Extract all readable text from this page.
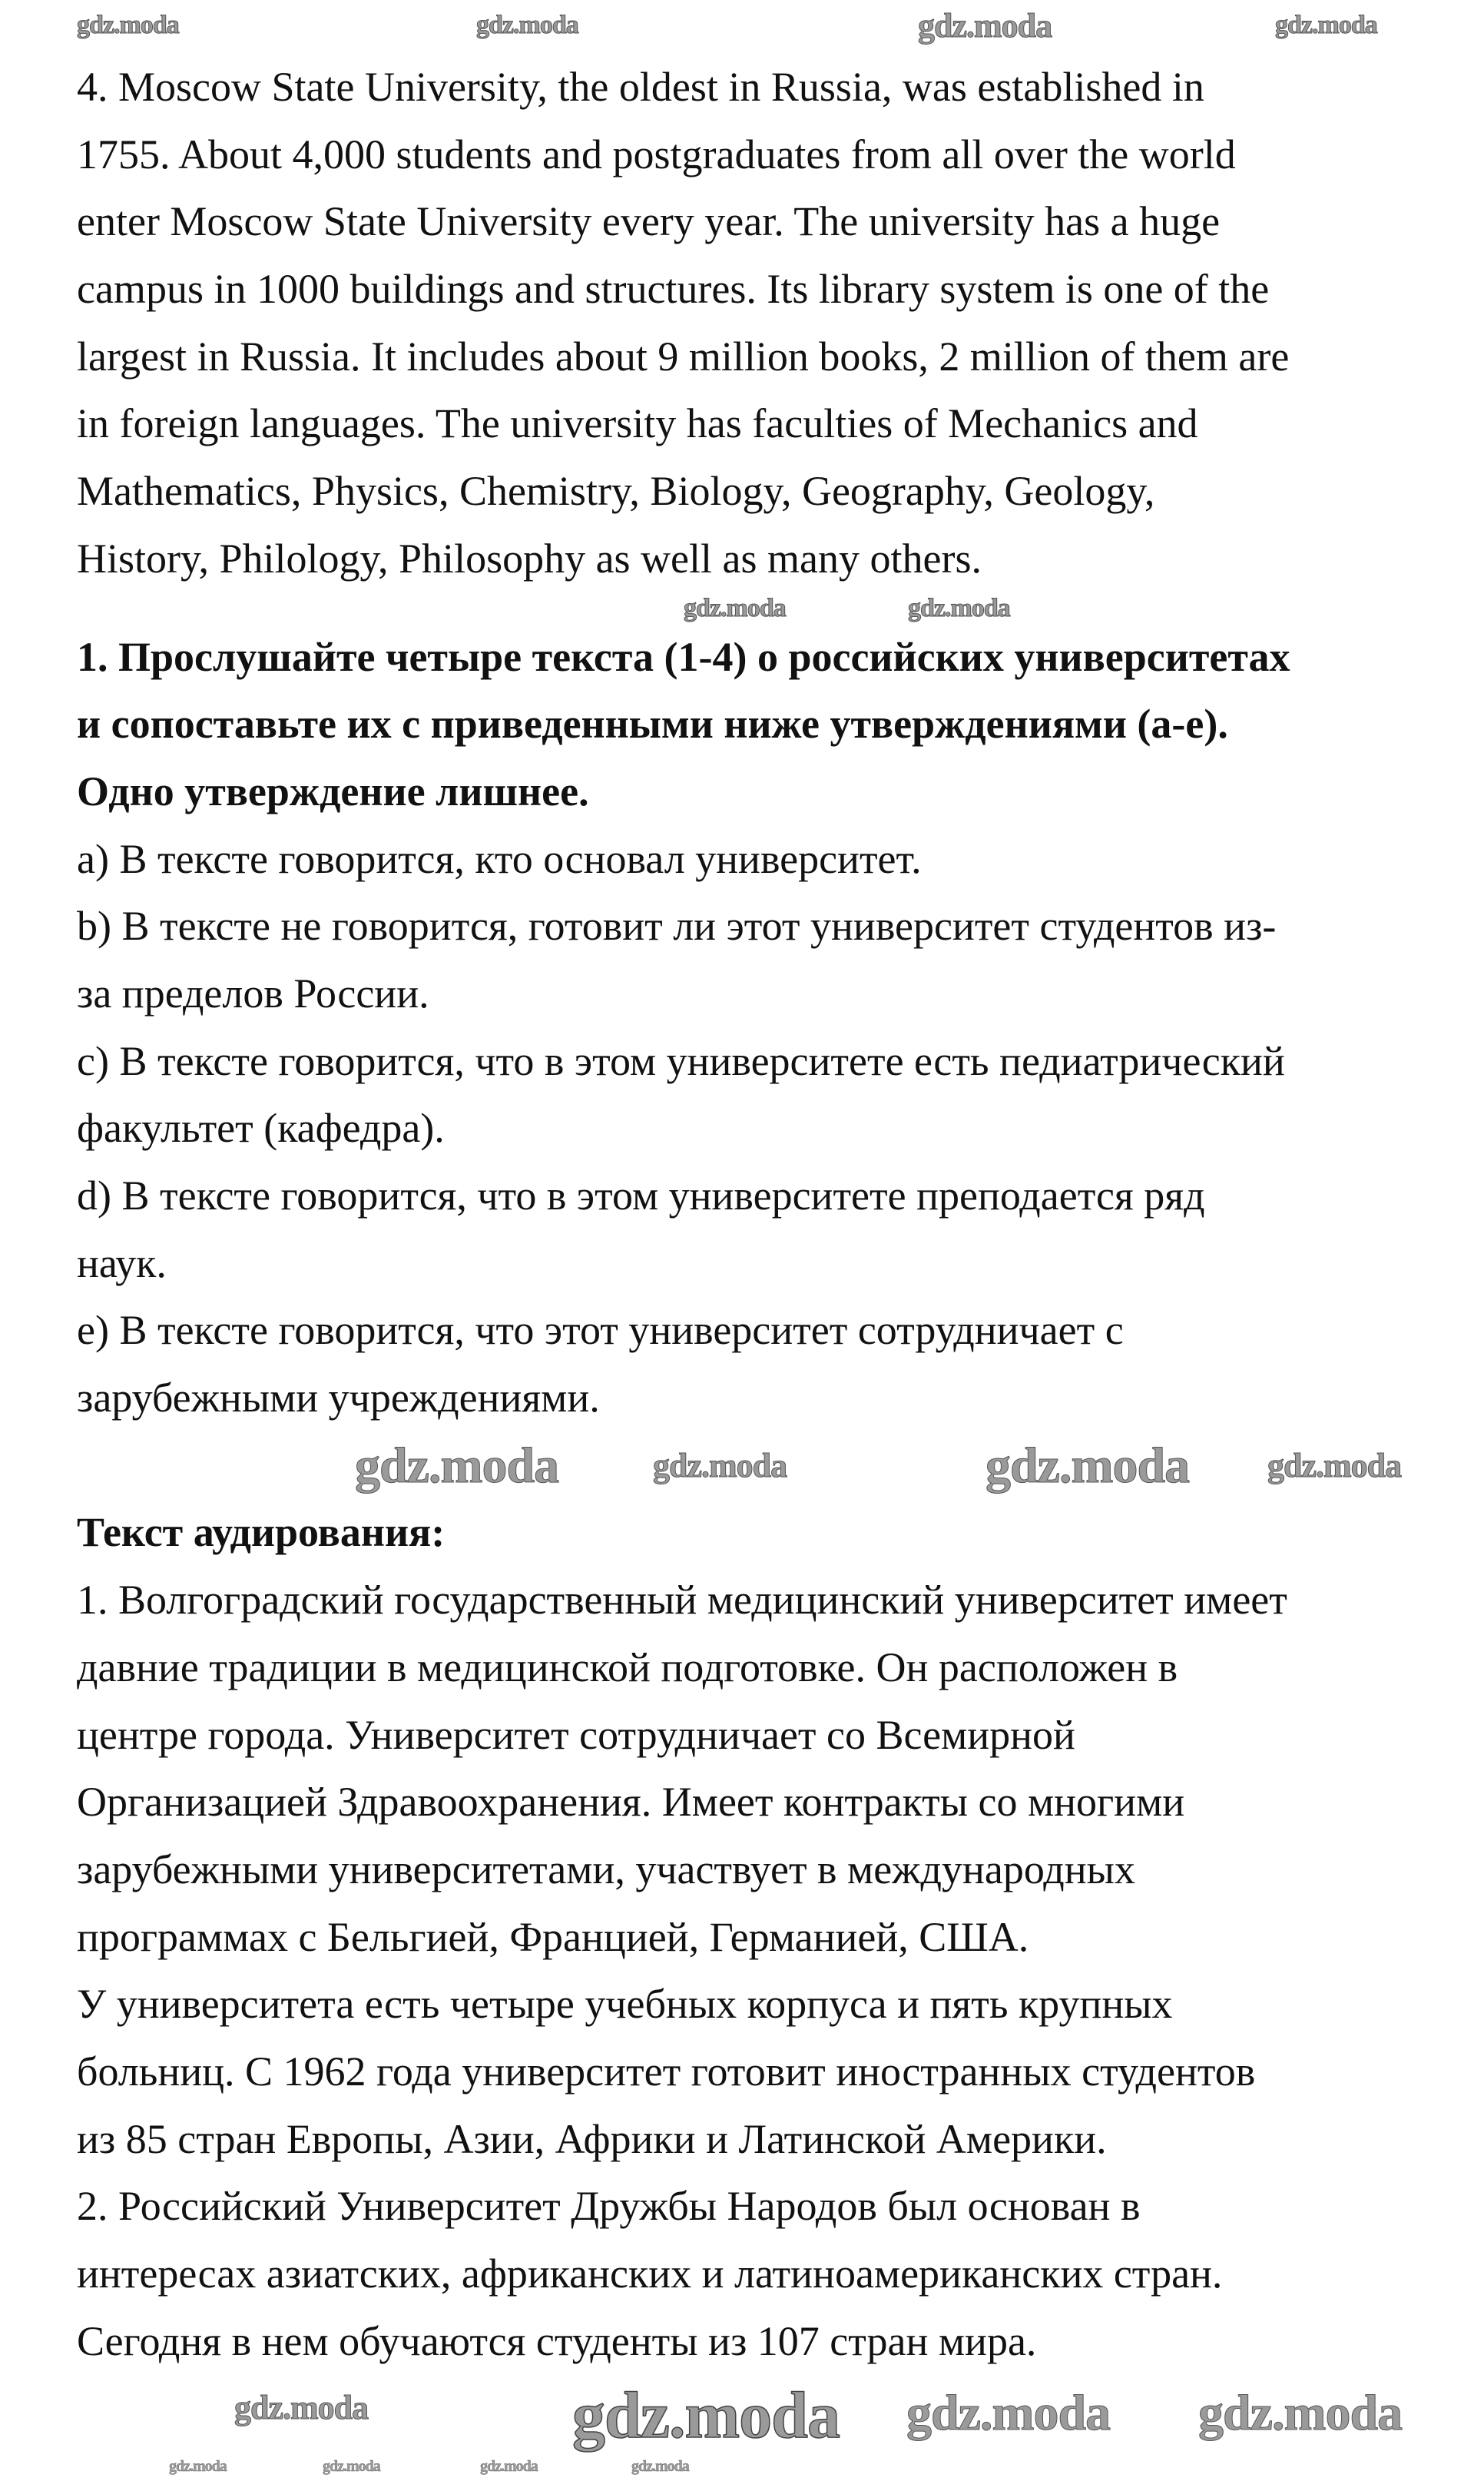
4. Moscow State University, the oldest in Russia, was established in
1755. About 4,000 students and postgraduates from all over the world
enter Moscow State University every year. The university has a huge
campus in 1000 buildings and structures. Its library system is one of the
largest in Russia. It includes about 9 million books, 2 million of them are
in foreign languages. The university has faculties of Mechanics and
Mathematics, Physics, Chemistry, Biology, Geography, Geology,
History, Philology, Philosophy as well as many others.
1. Прослушайте четыре текста (1-4) о российских университетах
и сопоставьте их с приведенными ниже утверждениями (a-e).
Одно утверждение лишнее.
a) В тексте говорится, кто основал университет.
b) В тексте не говорится, готовит ли этот университет студентов из-
за пределов России.
c) В тексте говорится, что в этом университете есть педиатрический
факультет (кафедра).
d) В тексте говорится, что в этом университете преподается ряд
наук.
e) В тексте говорится, что этот университет сотрудничает с
зарубежными учреждениями.
Текст аудирования:
1. Волгоградский государственный медицинский университет имеет
давние традиции в медицинской подготовке. Он расположен в
центре города. Университет сотрудничает со Всемирной
Организацией Здравоохранения. Имеет контракты со многими
зарубежными университетами, участвует в международных
программах с Бельгией, Францией, Германией, США.
У университета есть четыре учебных корпуса и пять крупных
больниц. С 1962 года университет готовит иностранных студентов
из 85 стран Европы, Азии, Африки и Латинской Америки.
2. Российский Университет Дружбы Народов был основан в
интересах азиатских, африканских и латиноамериканских стран.
Сегодня в нем обучаются студенты из 107 стран мира.
gdz.moda
gdz.moda	gdz.moda	gdz.moda
gdz.moda	gdz.moda
gdz.moda	gdz.moda
gdz.moda	gdz.moda
gdz.moda gdz.moda gdz.moda
gdz.moda
gdz.moda	gdz.moda	gdz.moda	gdz.moda
